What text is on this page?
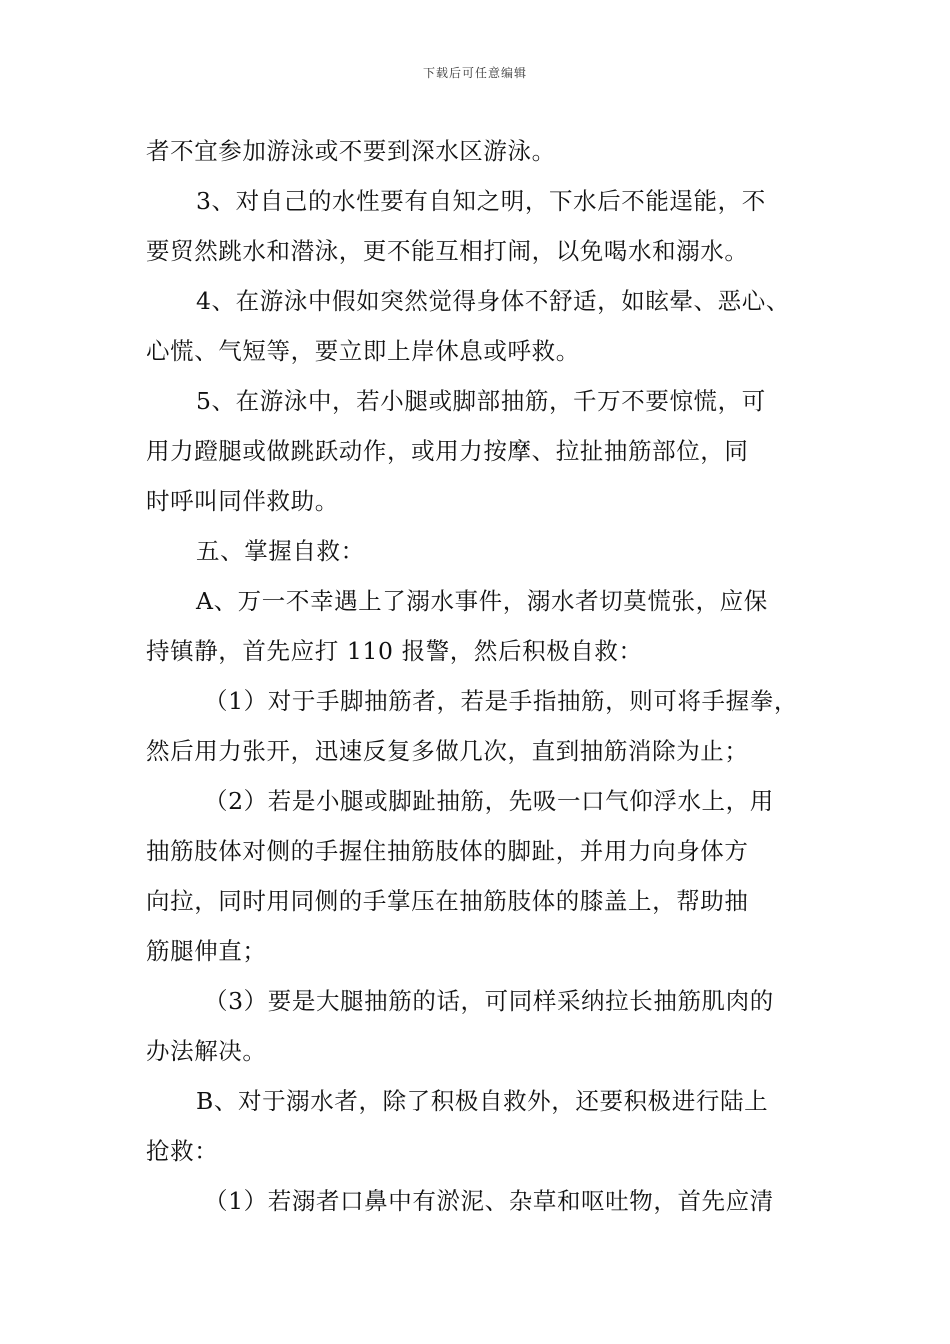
下载后可任意编辑
者不宜参加游泳或不要到深水区游泳。
3、对自己的水性要有自知之明，下水后不能逞能，不
要贸然跳水和潜泳，更不能互相打闹，以免喝水和溺水。
4、在游泳中假如突然觉得身体不舒适，如眩晕、恶心、
心慌、气短等，要立即上岸休息或呼救。
5、在游泳中，若小腿或脚部抽筋，千万不要惊慌，可
用力蹬腿或做跳跃动作，或用力按摩、拉扯抽筋部位，同
时呼叫同伴救助。
五、掌握自救：
A、万一不幸遇上了溺水事件，溺水者切莫慌张，应保
持镇静，首先应打 110 报警，然后积极自救：
（1）对于手脚抽筋者，若是手指抽筋，则可将手握拳，
然后用力张开，迅速反复多做几次，直到抽筋消除为止；
（2）若是小腿或脚趾抽筋，先吸一口气仰浮水上，用
抽筋肢体对侧的手握住抽筋肢体的脚趾，并用力向身体方
向拉，同时用同侧的手掌压在抽筋肢体的膝盖上，帮助抽
筋腿伸直；
（3）要是大腿抽筋的话，可同样采纳拉长抽筋肌肉的
办法解决。
B、对于溺水者，除了积极自救外，还要积极进行陆上
抢救：
（1）若溺者口鼻中有淤泥、杂草和呕吐物，首先应清
